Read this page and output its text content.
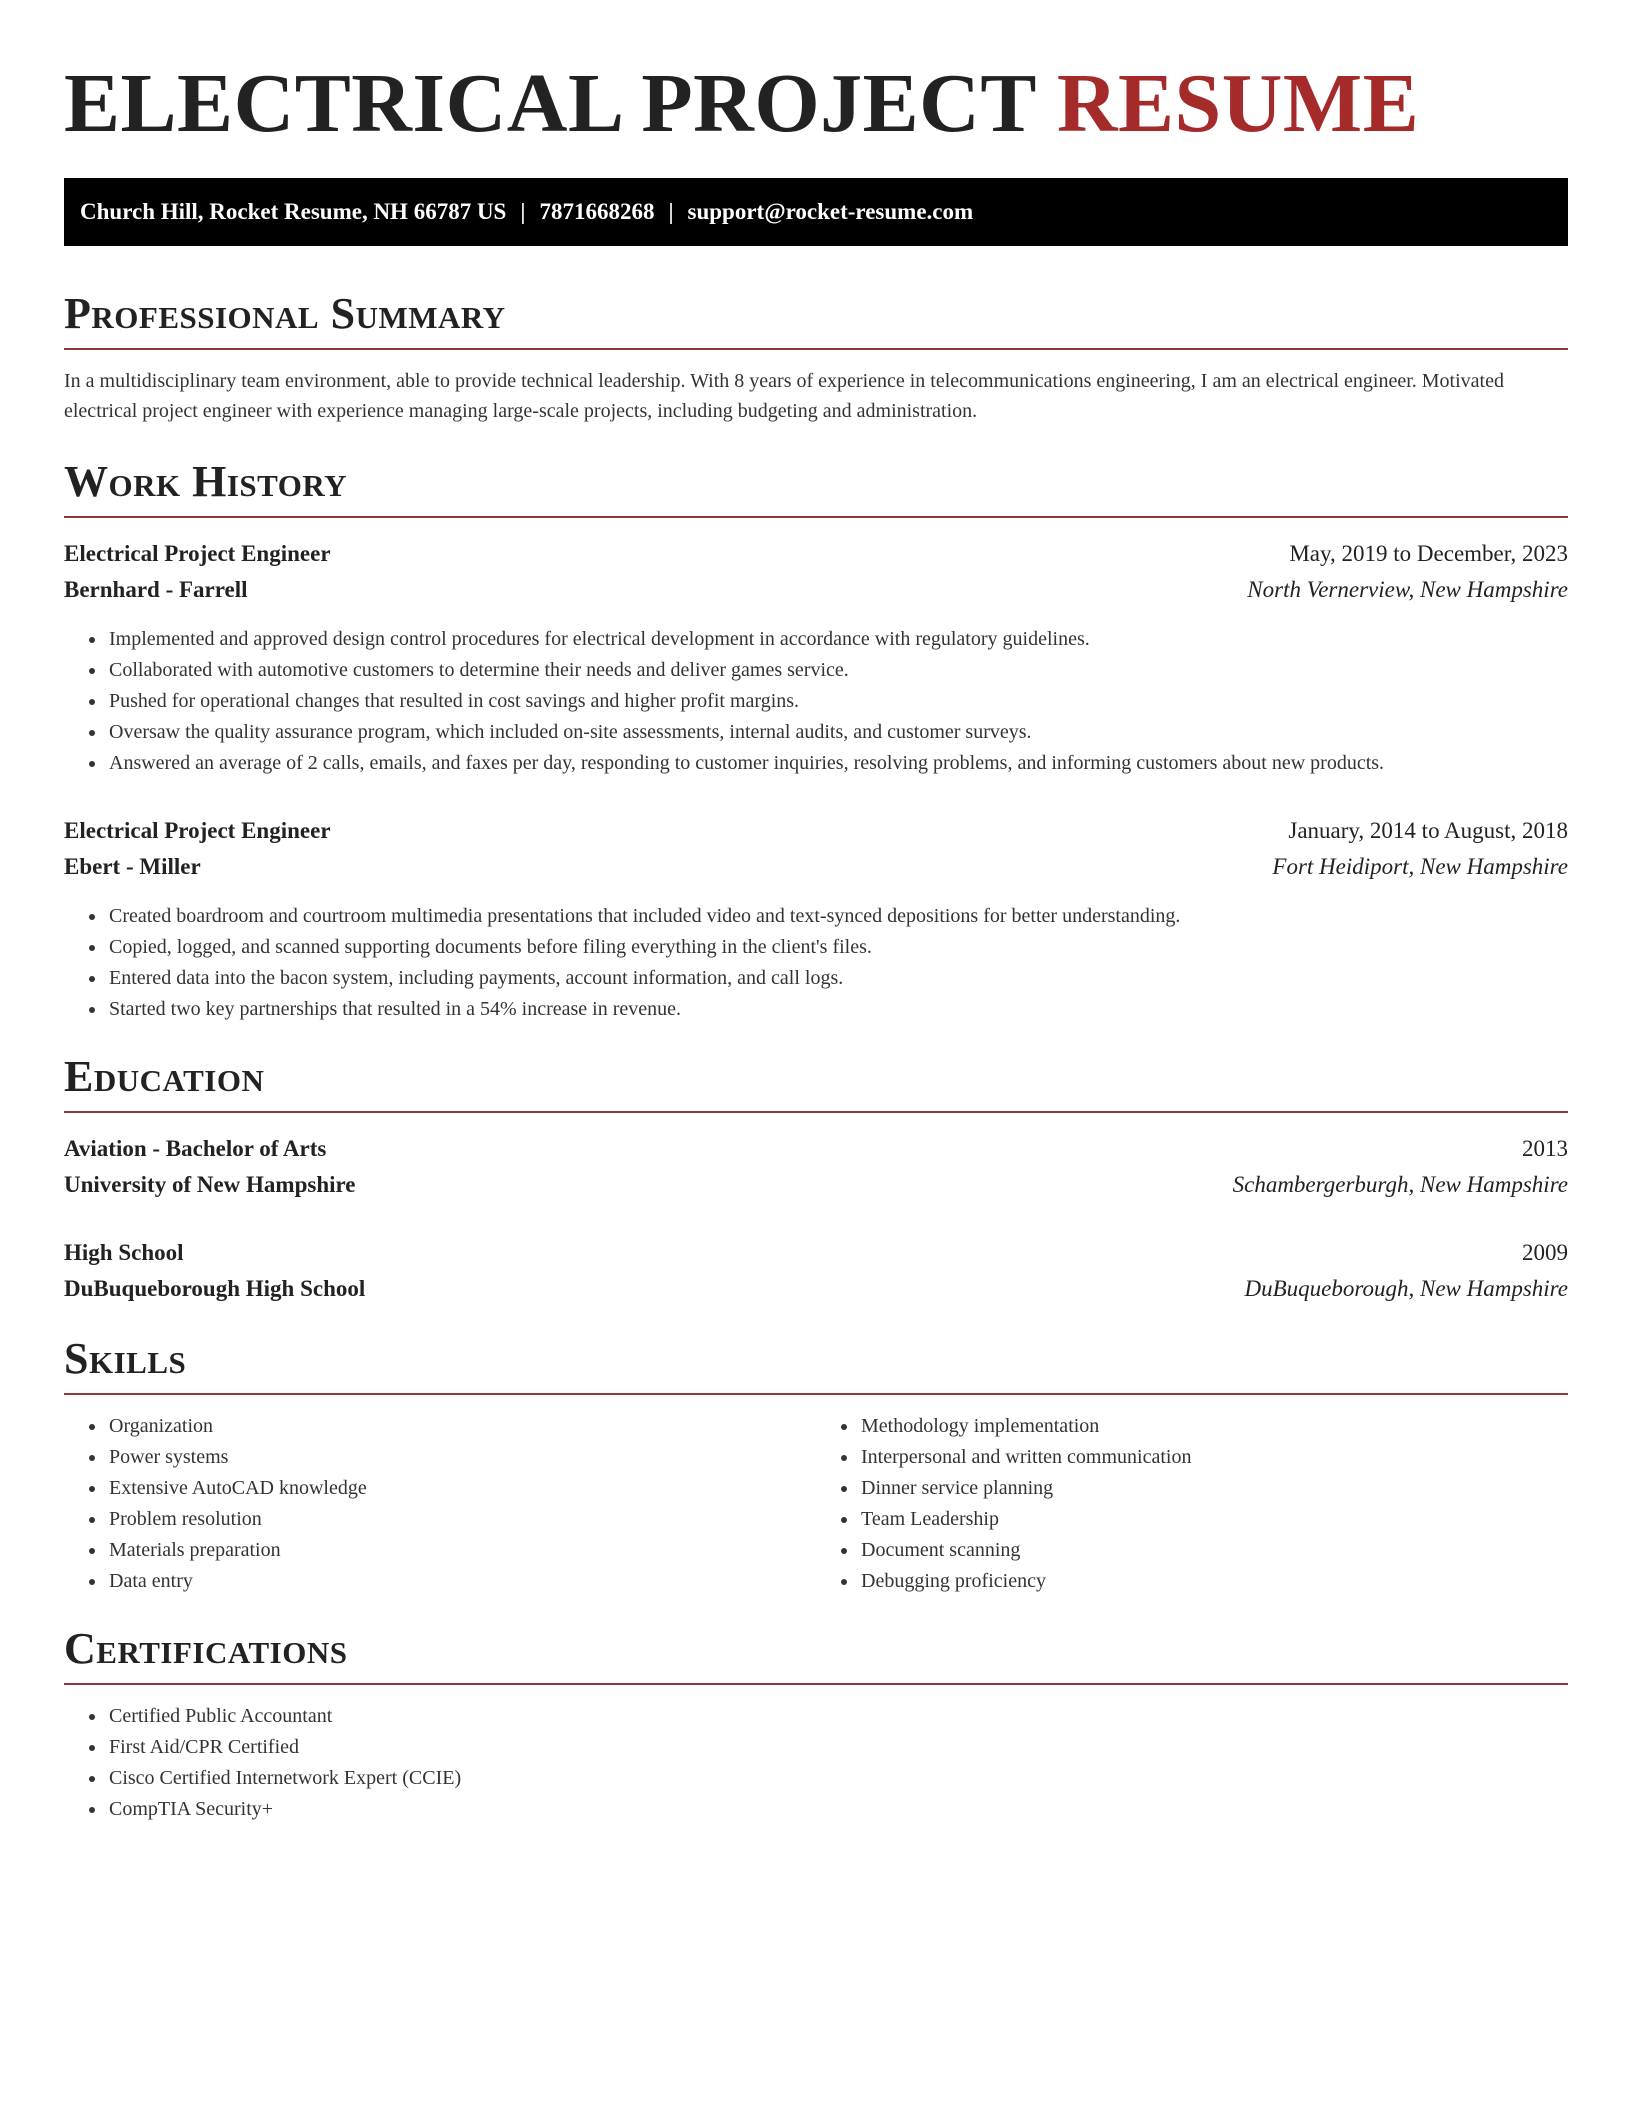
ELECTRICAL PROJECT RESUME
Church Hill, Rocket Resume, NH 66787 US | 7871668268 | support@rocket-resume.com
Professional Summary

In a multidisciplinary team environment, able to provide technical leadership. With 8 years of experience in telecommunications engineering, I am an electrical engineer. Motivated electrical project engineer with experience managing large-scale projects, including budgeting and administration.

Work History
Electrical Project Engineer	May, 2019 to December, 2023
Bernhard - Farrell	North Vernerview, New Hampshire
• Implemented and approved design control procedures for electrical development in accordance with regulatory guidelines.
• Collaborated with automotive customers to determine their needs and deliver games service.
• Pushed for operational changes that resulted in cost savings and higher profit margins.
• Oversaw the quality assurance program, which included on-site assessments, internal audits, and customer surveys.
• Answered an average of 2 calls, emails, and faxes per day, responding to customer inquiries, resolving problems, and informing customers about new products.
Electrical Project Engineer	January, 2014 to August, 2018
Ebert - Miller	Fort Heidiport, New Hampshire
• Created boardroom and courtroom multimedia presentations that included video and text-synced depositions for better understanding.
• Copied, logged, and scanned supporting documents before filing everything in the client's files.
• Entered data into the bacon system, including payments, account information, and call logs.
• Started two key partnerships that resulted in a 54% increase in revenue.
Education
Aviation - Bachelor of Arts	2013
University of New Hampshire	Schambergerburgh, New Hampshire
High School	2009
DuBuqueborough High School	DuBuqueborough, New Hampshire
Skills
• Organization
• Power systems
• Extensive AutoCAD knowledge
• Problem resolution
• Materials preparation
• Data entry
• Methodology implementation
• Interpersonal and written communication
• Dinner service planning
• Team Leadership
• Document scanning
• Debugging proficiency
Certifications
• Certified Public Accountant
• First Aid/CPR Certified
• Cisco Certified Internetwork Expert (CCIE)
• CompTIA Security+
